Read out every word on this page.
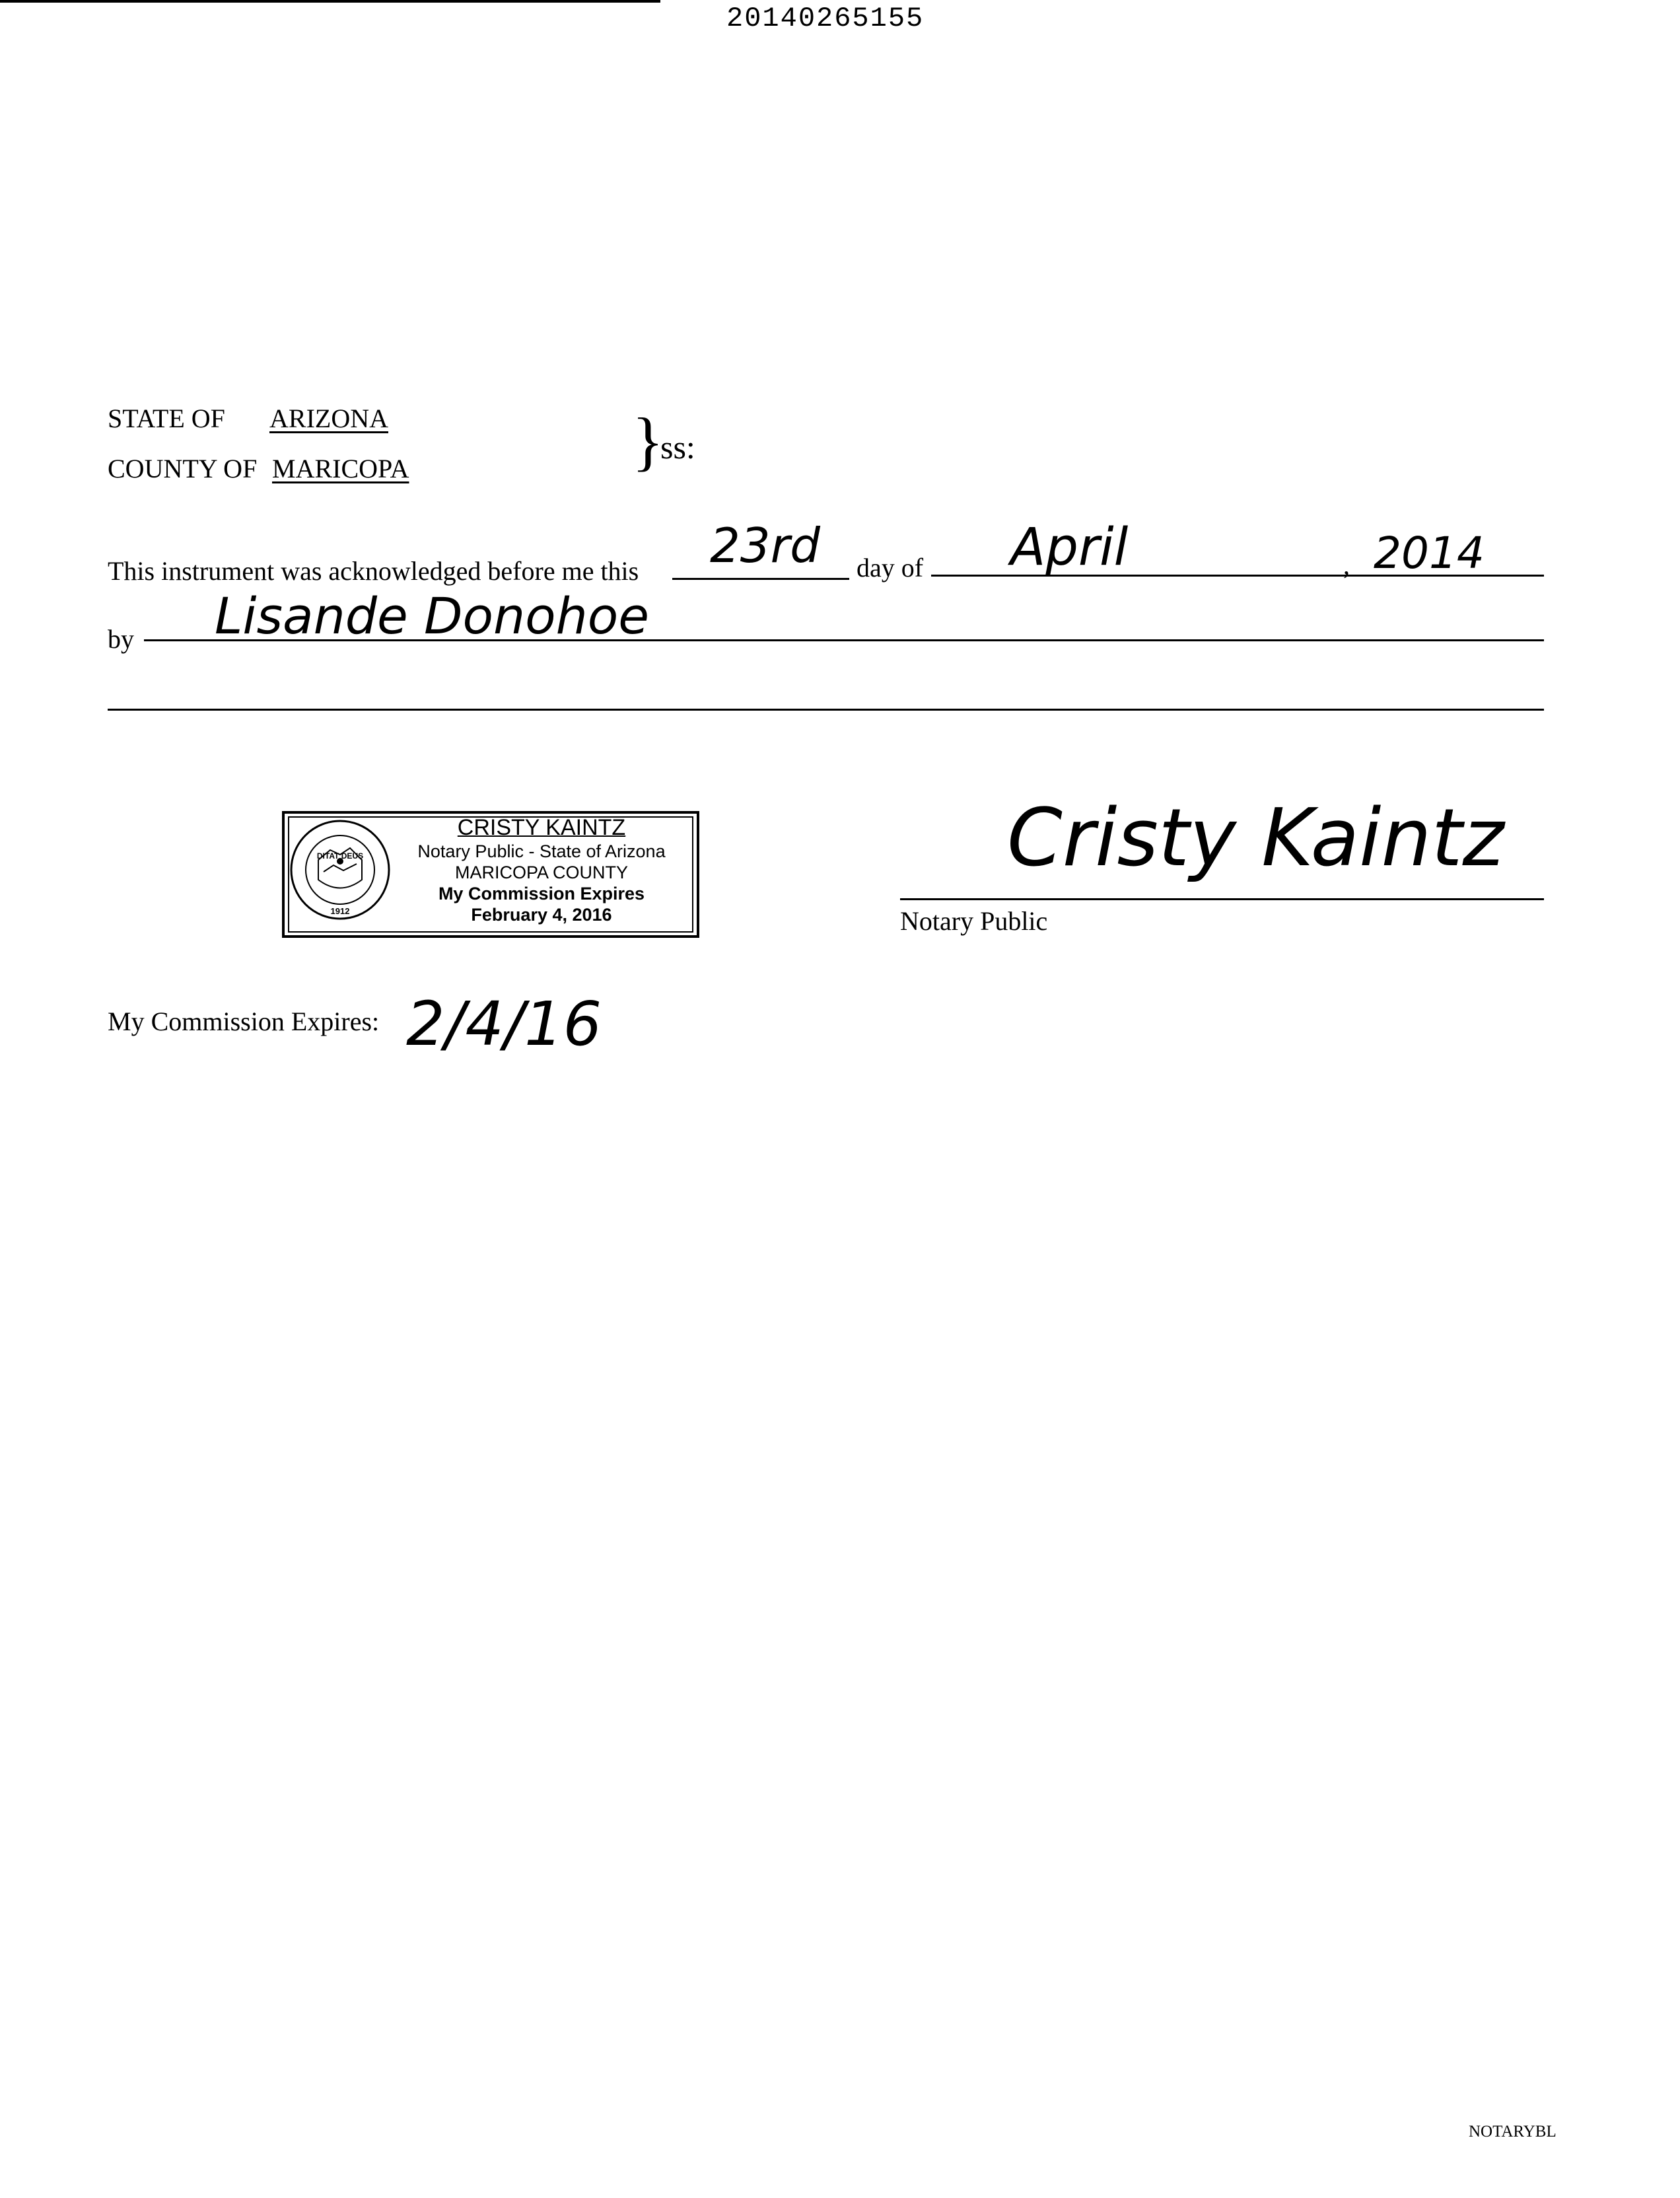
20140265155
STATE OF ARIZONA
COUNTY OF MARICOPA	}
ss:
This instrument was acknowledged before me this 23rd day of April	, 2014
by Lisande Donohoe
DITAT DEUS
1912
CRISTY KAINTZ
Notary Public - State of Arizona
MARICOPA COUNTY
My Commission Expires
February 4, 2016
Cristy Kaintz
Notary Public
My Commission Expires: 2/4/16
NOTARYBL
